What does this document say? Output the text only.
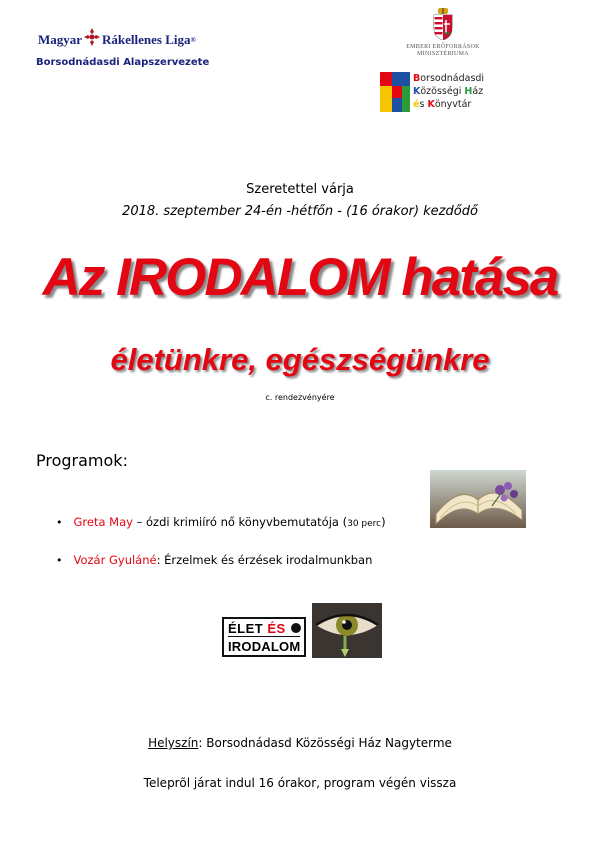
Magyar Rákellenes Liga ®
Borsodnádasdi Alapszervezete
EMBERI ERŐFORRÁSOK
MINISZTÉRIUMA
Borsodnádasdi
Közösségi Ház
és Könyvtár
Szeretettel várja
2018. szeptember 24-én -hétfőn - (16 órakor) kezdődő
Az IRODALOM hatása
életünkre, egészségünkre
c. rendezvényére
Programok:
• Greta May – ózdi krimiíró nő könyvbemutatója (30 perc)
• Vozár Gyuláné: Érzelmek és érzések irodalmunkban
ÉLET ÉS
IRODALOM
Helyszín: Borsodnádasd Közösségi Ház Nagyterme
Teleprõl járat indul 16 órakor, program végén vissza
